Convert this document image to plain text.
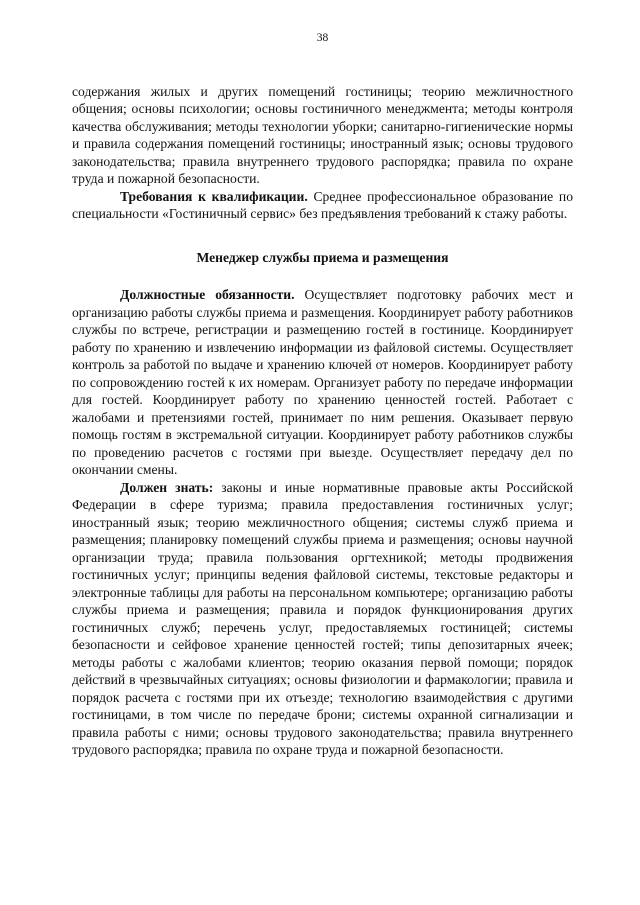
38

содержания жилых и других помещений гостиницы; теорию межличностного общения; основы психологии; основы гостиничного менеджмента; методы контроля качества обслуживания; методы технологии уборки; санитарно-гигиенические нормы и правила содержания помещений гостиницы; иностранный язык; основы трудового законодательства; правила внутреннего трудового распорядка; правила по охране труда и пожарной безопасности.

Требования к квалификации. Среднее профессиональное образование по специальности «Гостиничный сервис» без предъявления требований к стажу работы.

Менеджер службы приема и размещения

Должностные обязанности. Осуществляет подготовку рабочих мест и организацию работы службы приема и размещения. Координирует работу работников службы по встрече, регистрации и размещению гостей в гостинице. Координирует работу по хранению и извлечению информации из файловой системы. Осуществляет контроль за работой по выдаче и хранению ключей от номеров. Координирует работу по сопровождению гостей к их номерам. Организует работу по передаче информации для гостей. Координирует работу по хранению ценностей гостей. Работает с жалобами и претензиями гостей, принимает по ним решения. Оказывает первую помощь гостям в экстремальной ситуации. Координирует работу работников службы по проведению расчетов с гостями при выезде. Осуществляет передачу дел по окончании смены.

Должен знать: законы и иные нормативные правовые акты Российской Федерации в сфере туризма; правила предоставления гостиничных услуг; иностранный язык; теорию межличностного общения; системы служб приема и размещения; планировку помещений службы приема и размещения; основы научной организации труда; правила пользования оргтехникой; методы продвижения гостиничных услуг; принципы ведения файловой системы, текстовые редакторы и электронные таблицы для работы на персональном компьютере; организацию работы службы приема и размещения; правила и порядок функционирования других гостиничных служб; перечень услуг, предоставляемых гостиницей; системы безопасности и сейфовое хранение ценностей гостей; типы депозитарных ячеек; методы работы с жалобами клиентов; теорию оказания первой помощи; порядок действий в чрезвычайных ситуациях; основы физиологии и фармакологии; правила и порядок расчета с гостями при их отъезде; технологию взаимодействия с другими гостиницами, в том числе по передаче брони; системы охранной сигнализации и правила работы с ними; основы трудового законодательства; правила внутреннего трудового распорядка; правила по охране труда и пожарной безопасности.
